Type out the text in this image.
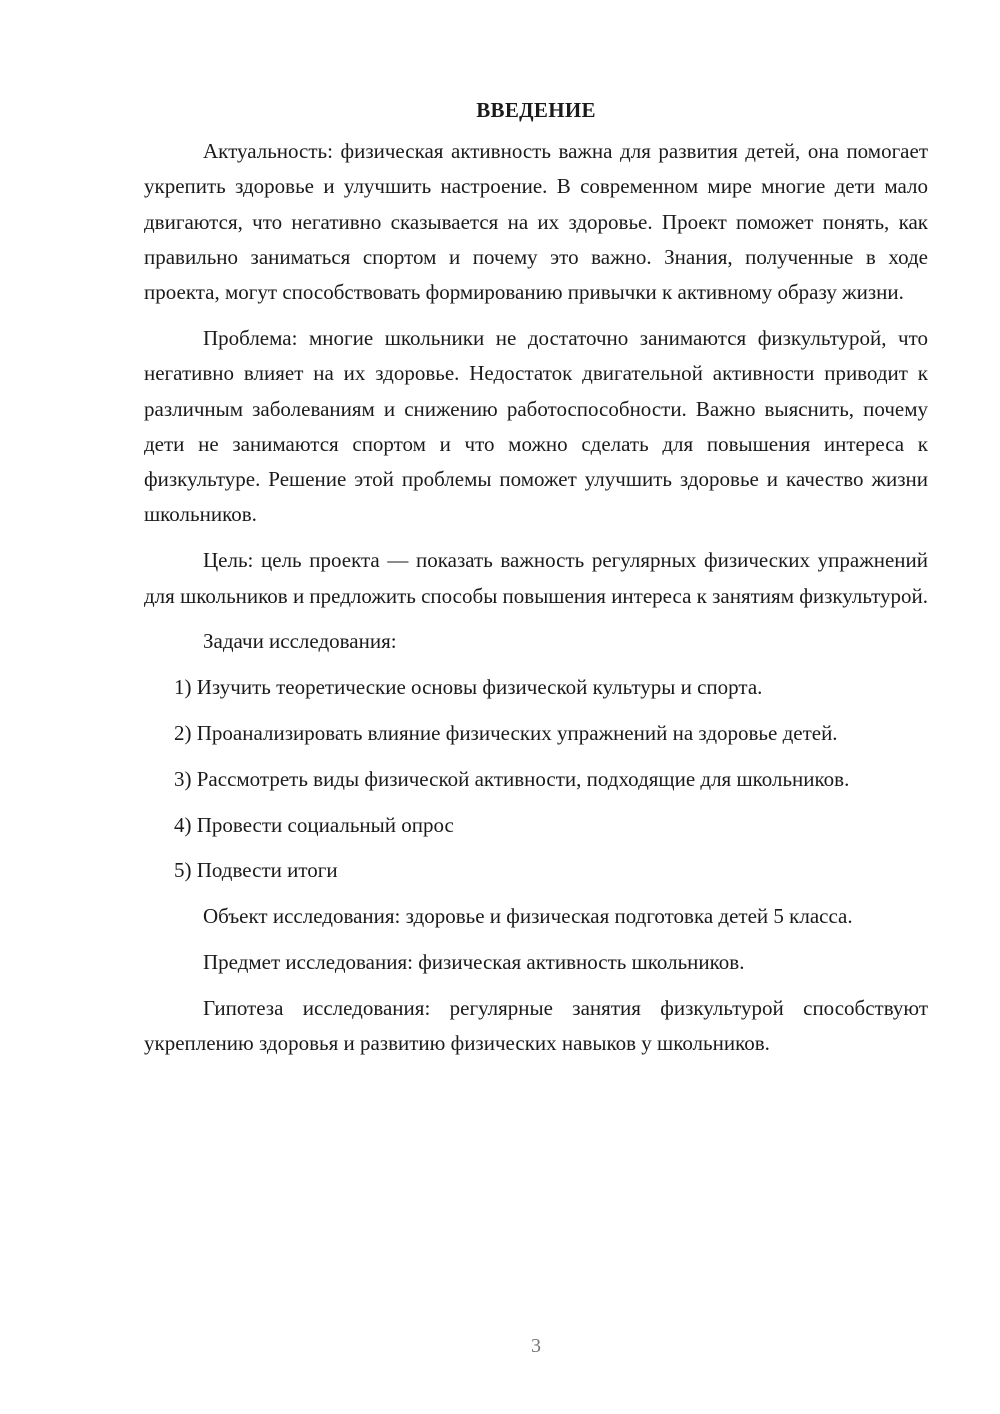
ВВЕДЕНИЕ

Актуальность: физическая активность важна для развития детей, она помогает укрепить здоровье и улучшить настроение. В современном мире многие дети мало двигаются, что негативно сказывается на их здоровье. Проект поможет понять, как правильно заниматься спортом и почему это важно. Знания, полученные в ходе проекта, могут способствовать формированию привычки к активному образу жизни.

Проблема: многие школьники не достаточно занимаются физкультурой, что негативно влияет на их здоровье. Недостаток двигательной активности приводит к различным заболеваниям и снижению работоспособности. Важно выяснить, почему дети не занимаются спортом и что можно сделать для повышения интереса к физкультуре. Решение этой проблемы поможет улучшить здоровье и качество жизни школьников.

Цель: цель проекта — показать важность регулярных физических упражнений для школьников и предложить способы повышения интереса к занятиям физкультурой.

Задачи исследования:

1) Изучить теоретические основы физической культуры и спорта.

2) Проанализировать влияние физических упражнений на здоровье детей.

3) Рассмотреть виды физической активности, подходящие для школьников.

4) Провести социальный опрос

5) Подвести итоги

Объект исследования: здоровье и физическая подготовка детей 5 класса.

Предмет исследования: физическая активность школьников.

Гипотеза исследования: регулярные занятия физкультурой способствуют укреплению здоровья и развитию физических навыков у школьников.

3
